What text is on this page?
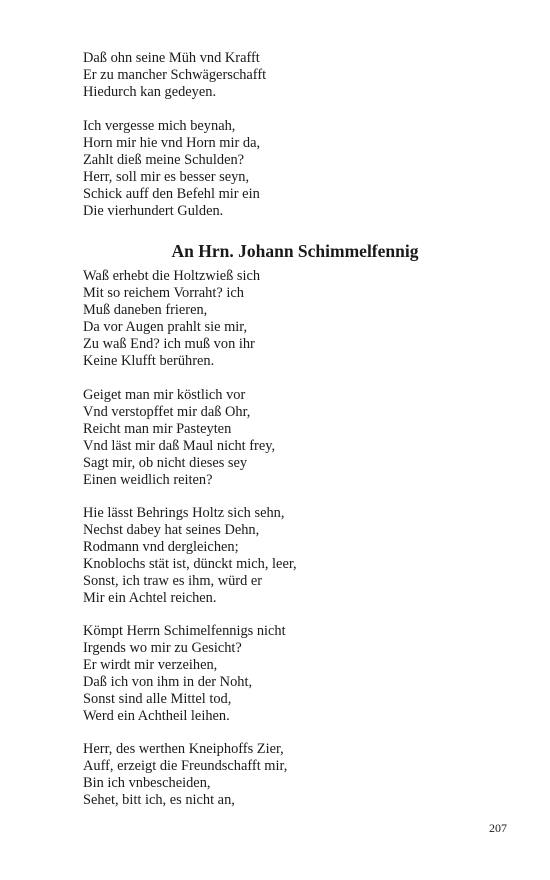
Daß ohn seine Müh vnd Krafft
Er zu mancher Schwägerschafft
Hiedurch kan gedeyen.
Ich vergesse mich beynah,
Horn mir hie vnd Horn mir da,
Zahlt dieß meine Schulden?
Herr, soll mir es besser seyn,
Schick auff den Befehl mir ein
Die vierhundert Gulden.
An Hrn. Johann Schimmelfennig
Waß erhebt die Holtzwieß sich
Mit so reichem Vorraht? ich
Muß daneben frieren,
Da vor Augen prahlt sie mir,
Zu waß End? ich muß von ihr
Keine Klufft berühren.
Geiget man mir köstlich vor
Vnd verstopffet mir daß Ohr,
Reicht man mir Pasteyten
Vnd läst mir daß Maul nicht frey,
Sagt mir, ob nicht dieses sey
Einen weidlich reiten?
Hie lässt Behrings Holtz sich sehn,
Nechst dabey hat seines Dehn,
Rodmann vnd dergleichen;
Knoblochs stät ist, dünckt mich, leer,
Sonst, ich traw es ihm, würd er
Mir ein Achtel reichen.
Kömpt Herrn Schimelfennigs nicht
Irgends wo mir zu Gesicht?
Er wirdt mir verzeihen,
Daß ich von ihm in der Noht,
Sonst sind alle Mittel tod,
Werd ein Achtheil leihen.
Herr, des werthen Kneiphoffs Zier,
Auff, erzeigt die Freundschafft mir,
Bin ich vnbescheiden,
Sehet, bitt ich, es nicht an,
207
